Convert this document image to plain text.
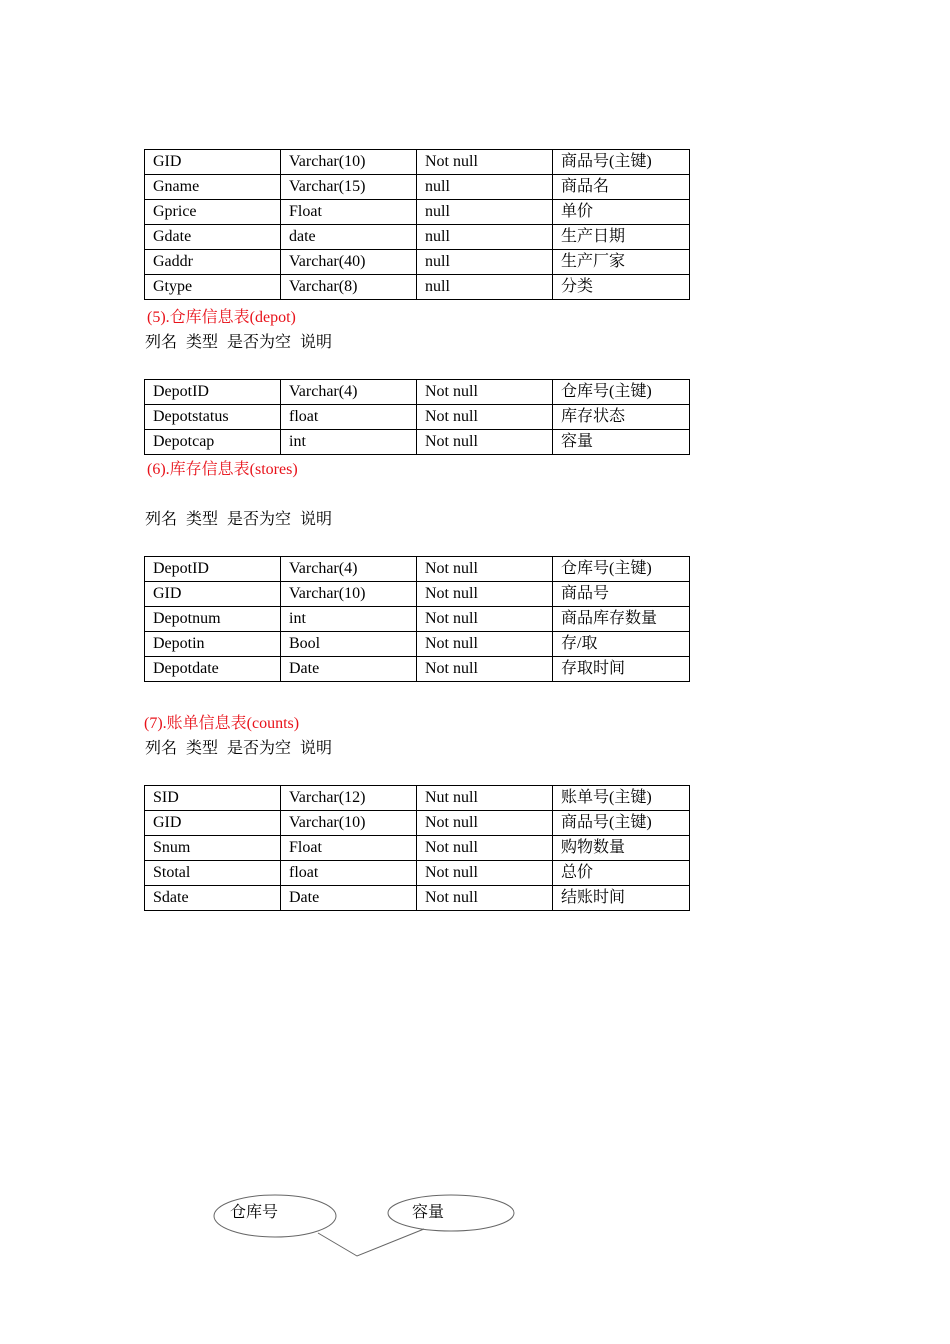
GID	Varchar(10)	Not null	商品号(主键)
Gname	Varchar(15)	null	商品名
Gprice	Float	null	单价
Gdate	date	null	生产日期
Gaddr	Varchar(40)	null	生产厂家
Gtype	Varchar(8)	null	分类
(5).仓库信息表(depot)
列名 类型 是否为空 说明
DepotID	Varchar(4)	Not null	仓库号(主键)
Depotstatus	float	Not null	库存状态
Depotcap	int	Not null	容量
(6).库存信息表(stores)
列名 类型 是否为空 说明
DepotID	Varchar(4)	Not null	仓库号(主键)
GID	Varchar(10)	Not null	商品号
Depotnum	int	Not null	商品库存数量
Depotin	Bool	Not null	存/取
Depotdate	Date	Not null	存取时间
(7).账单信息表(counts)
列名 类型 是否为空 说明
SID	Varchar(12)	Nut null	账单号(主键)
GID	Varchar(10)	Not null	商品号(主键)
Snum	Float	Not null	购物数量
Stotal	float	Not null	总价
Sdate	Date	Not null	结账时间
仓库号	容量
